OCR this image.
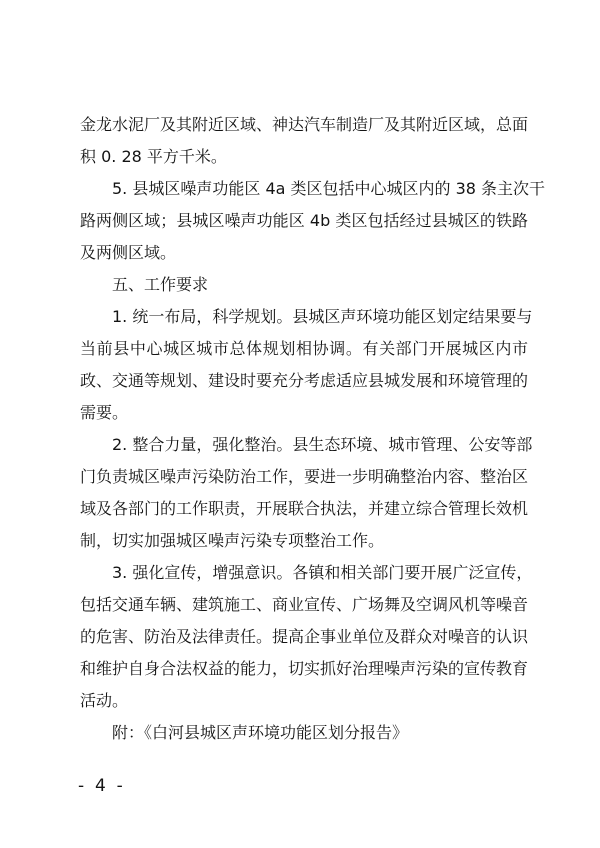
金龙水泥厂及其附近区域、神达汽车制造厂及其附近区域，总面
积 0. 28 平方千米。
5. 县城区噪声功能区 4a 类区包括中心城区内的 38 条主次干
路两侧区域；县城区噪声功能区 4b 类区包括经过县城区的铁路
及两侧区域。
五、工作要求
1. 统一布局，科学规划。县城区声环境功能区划定结果要与
当前县中心城区城市总体规划相协调。有关部门开展城区内市
政、交通等规划、建设时要充分考虑适应县城发展和环境管理的
需要。
2. 整合力量，强化整治。县生态环境、城市管理、公安等部
门负责城区噪声污染防治工作，要进一步明确整治内容、整治区
域及各部门的工作职责，开展联合执法，并建立综合管理长效机
制，切实加强城区噪声污染专项整治工作。
3. 强化宣传，增强意识。各镇和相关部门要开展广泛宣传，
包括交通车辆、建筑施工、商业宣传、广场舞及空调风机等噪音
的危害、防治及法律责任。提高企事业单位及群众对噪音的认识
和维护自身合法权益的能力，切实抓好治理噪声污染的宣传教育
活动。
附：《白河县城区声环境功能区划分报告》
-  4  -
